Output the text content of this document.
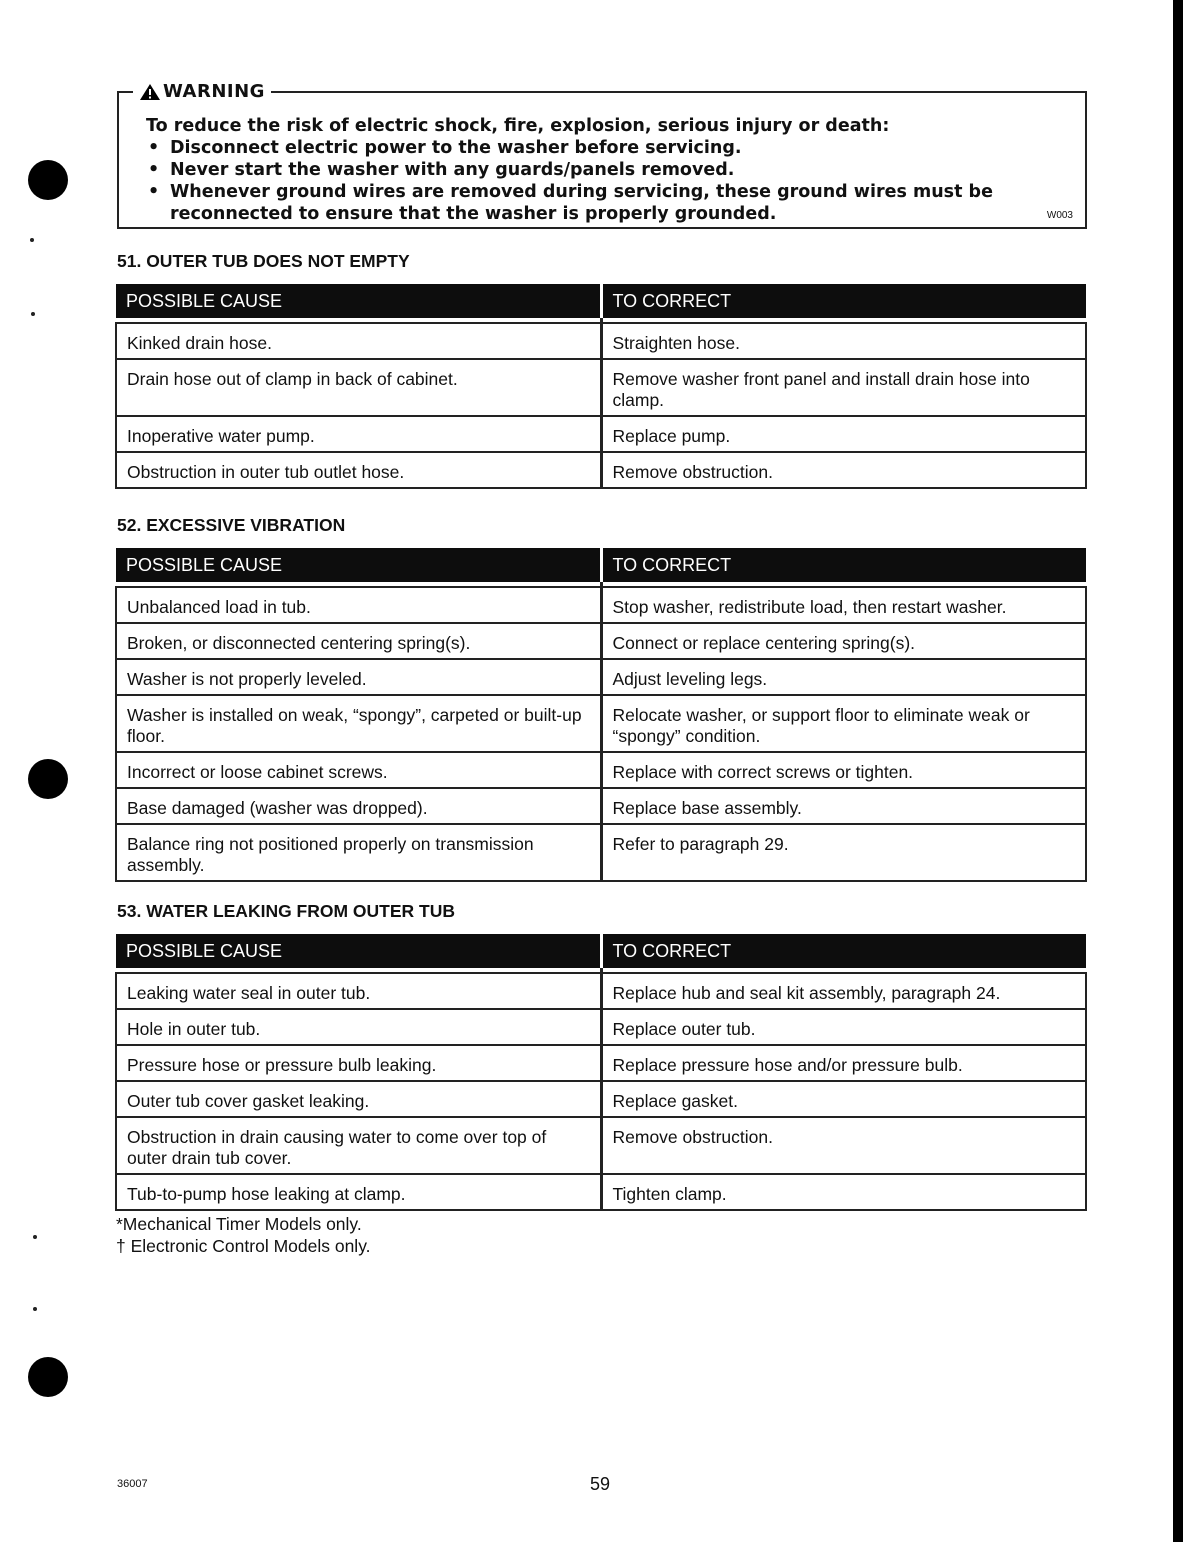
WARNING
To reduce the risk of electric shock, fire, explosion, serious injury or death:
• Disconnect electric power to the washer before servicing.
• Never start the washer with any guards/panels removed.
• Whenever ground wires are removed during servicing, these ground wires must be reconnected to ensure that the washer is properly grounded.	W003
51. OUTER TUB DOES NOT EMPTY
POSSIBLE CAUSE	TO CORRECT

Kinked drain hose.	Straighten hose.
Drain hose out of clamp in back of cabinet.	Remove washer front panel and install drain hose into clamp.
Inoperative water pump.	Replace pump.
Obstruction in outer tub outlet hose.	Remove obstruction.
52. EXCESSIVE VIBRATION
POSSIBLE CAUSE	TO CORRECT

Unbalanced load in tub.	Stop washer, redistribute load, then restart washer.
Broken, or disconnected centering spring(s).	Connect or replace centering spring(s).
Washer is not properly leveled.	Adjust leveling legs.
Washer is installed on weak, “spongy”, carpeted or built-up floor.	Relocate washer, or support floor to eliminate weak or “spongy” condition.
Incorrect or loose cabinet screws.	Replace with correct screws or tighten.
Base damaged (washer was dropped).	Replace base assembly.
Balance ring not positioned properly on transmission assembly.	Refer to paragraph 29.
53. WATER LEAKING FROM OUTER TUB
POSSIBLE CAUSE	TO CORRECT

Leaking water seal in outer tub.	Replace hub and seal kit assembly, paragraph 24.
Hole in outer tub.	Replace outer tub.
Pressure hose or pressure bulb leaking.	Replace pressure hose and/or pressure bulb.
Outer tub cover gasket leaking.	Replace gasket.
Obstruction in drain causing water to come over top of outer drain tub cover.	Remove obstruction.
Tub-to-pump hose leaking at clamp.	Tighten clamp.
*Mechanical Timer Models only.
† Electronic Control Models only.
36007	59
